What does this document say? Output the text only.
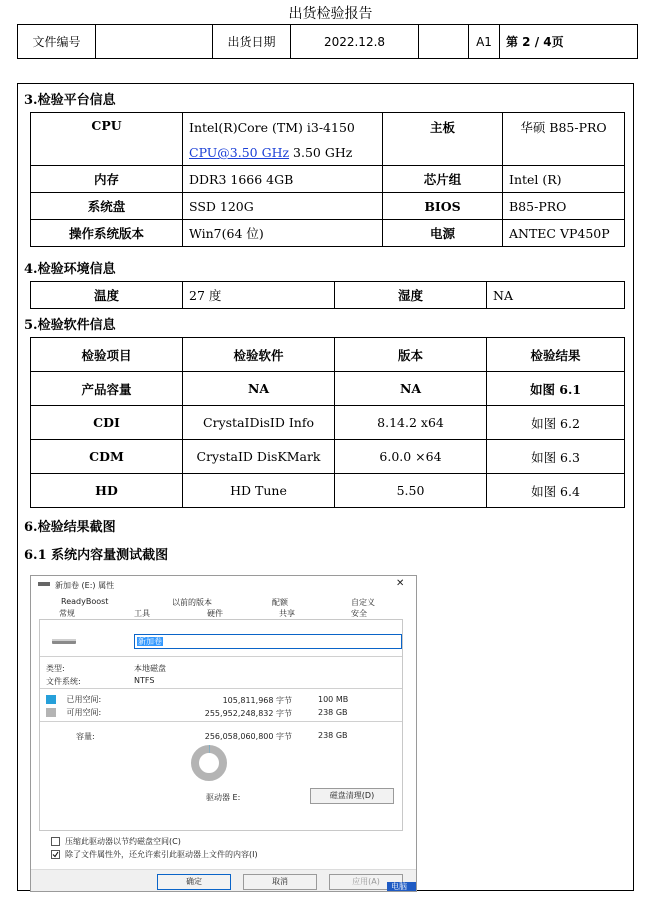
出货检验报告
文件编号		出货日期	2022.12.8		A1	第 2 / 4页
3.检验平台信息
CPU	Intel(R)Core (TM) i3-4150	主板	华硕 B85-PRO
	CPU@3.50 GHz 3.50 GHz		
内存	DDR3 1666 4GB	芯片组	Intel (R)
系统盘	SSD 120G	BIOS	B85-PRO
操作系统版本	Win7(64 位)	电源	ANTEC VP450P
4.检验环境信息
温度	27 度	湿度	NA
5.检验软件信息
检验项目	检验软件	版本	检验结果
产品容量	NA	NA	如图 6.1
CDI	CrystaIDisID Info	8.14.2 x64	如图 6.2
CDM	CrystaID DisKMark	6.0.0 ×64	如图 6.3
HD	HD Tune	5.50	如图 6.4
6.检验结果截图
6.1 系统内容量测试截图
新加卷 (E:) 属性	✕
ReadyBoost	以前的版本	配额	自定义
常规	工具	硬件	共享	安全
新加卷
类型:	本地磁盘
文件系统:	NTFS
已用空间:	105,811,968 字节	100 MB
可用空间:	255,952,248,832 字节	238 GB
容量:	256,058,060,800 字节	238 GB
驱动器 E:	磁盘清理(D)
压缩此驱动器以节约磁盘空间(C)
除了文件属性外，还允许索引此驱动器上文件的内容(I)
确定	取消	应用(A)
电脑
